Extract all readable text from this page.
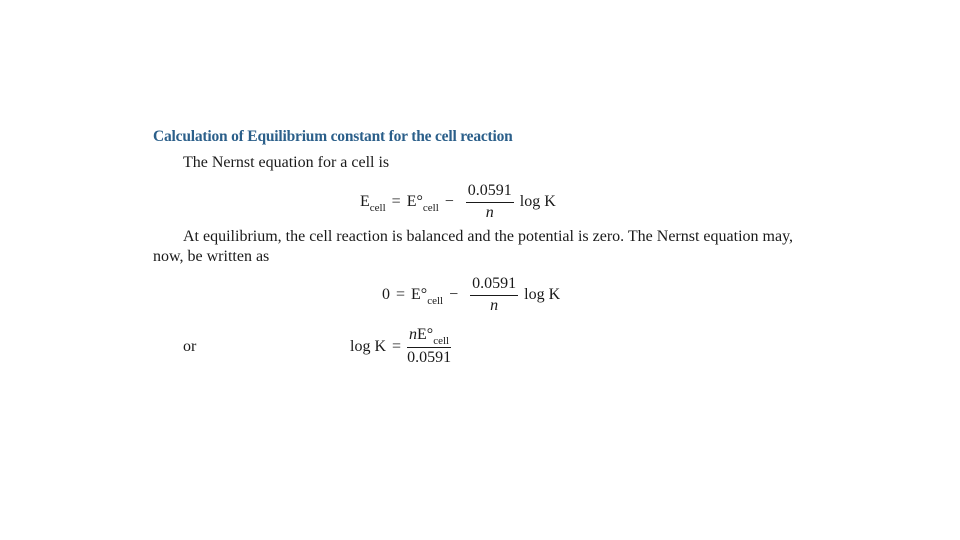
Calculation of Equilibrium constant for the cell reaction
The Nernst equation for a cell is
$E_{cell} = E^\circ_{cell} - \frac{0.0591}{n}$ log K
At equilibrium, the cell reaction is balanced and the potential is zero. The Nernst equation may,
now, be written as
$0 = E^\circ_{cell} - \frac{0.0591}{n}$ log K
or	$\log K = \frac{nE^\circ_{cell}}{0.0591}$
